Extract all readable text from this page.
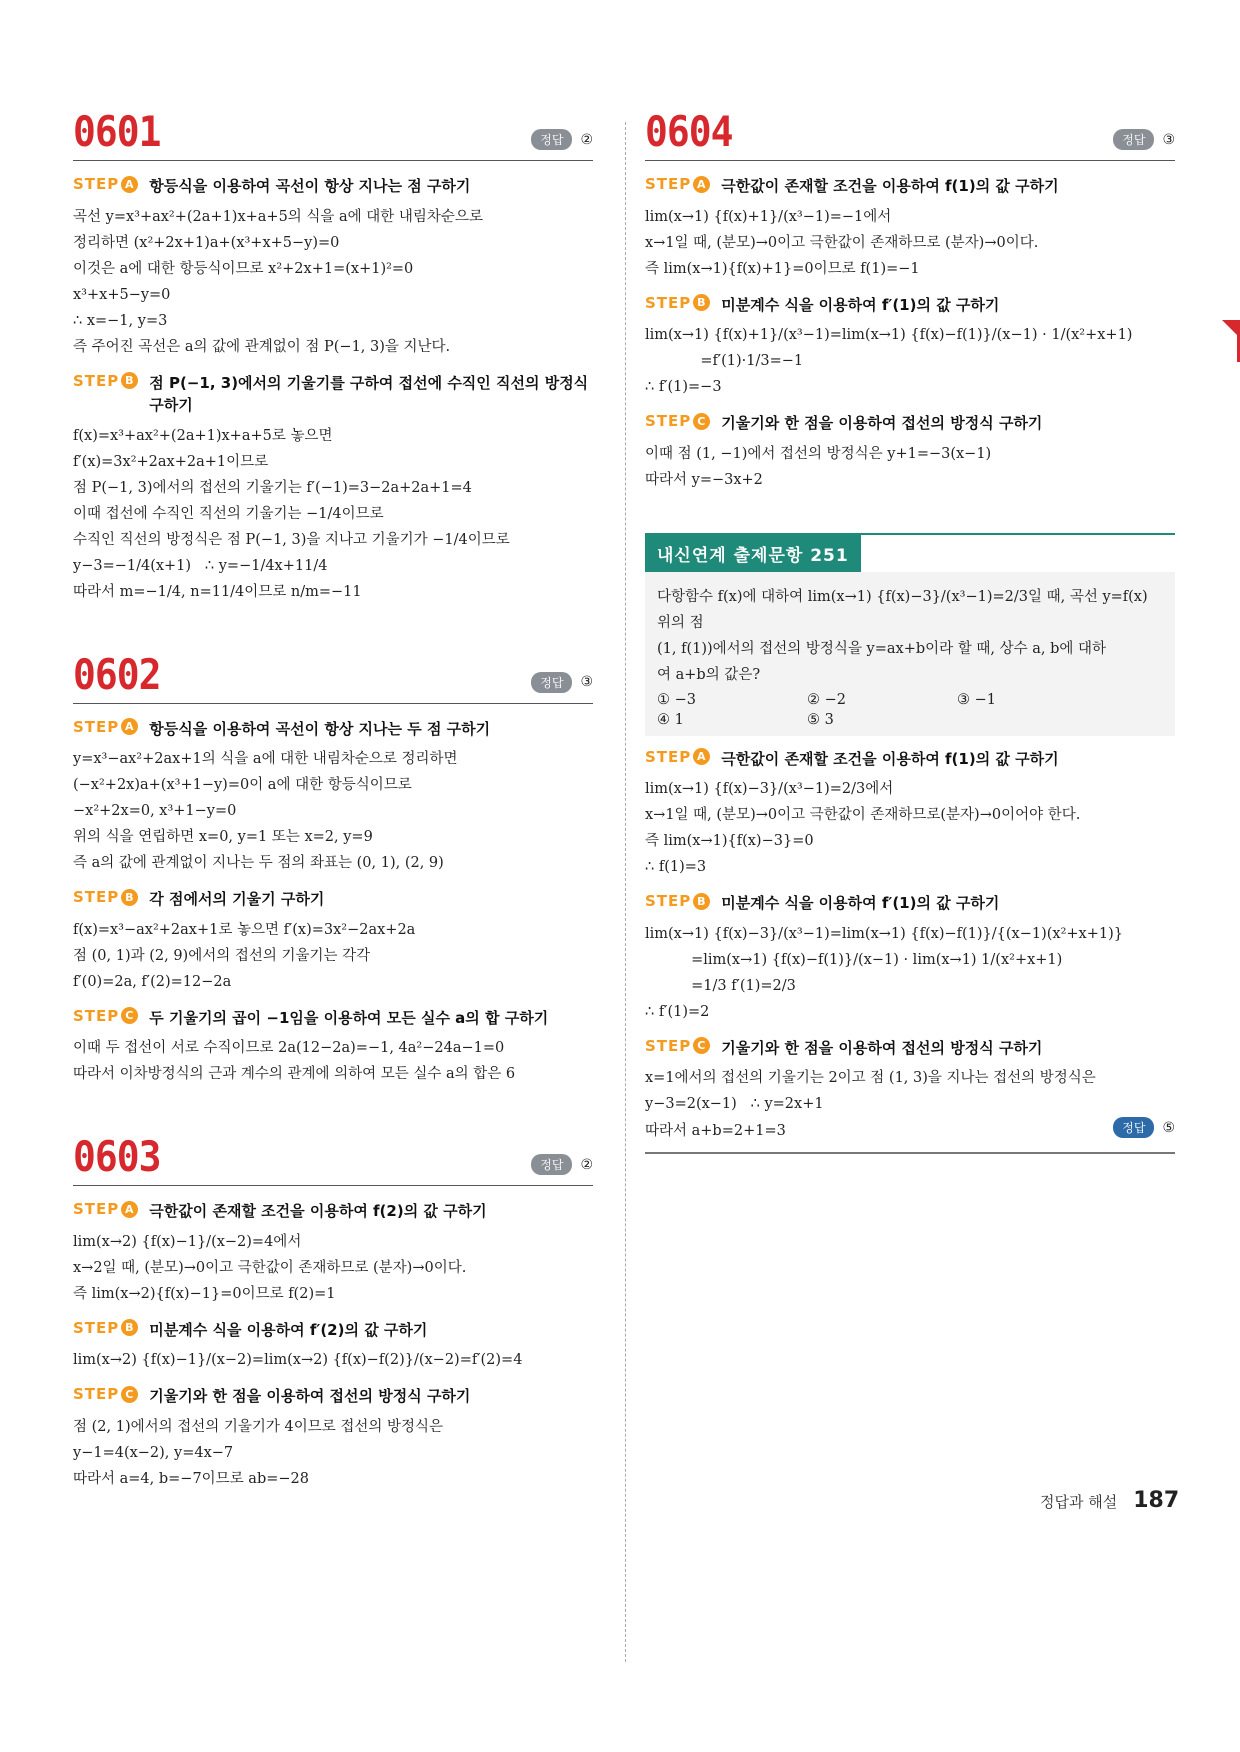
0601	정답	②
STEP A 항등식을 이용하여 곡선이 항상 지나는 점 구하기
곡선 y=x³+ax²+(2a+1)x+a+5의 식을 a에 대한 내림차순으로
정리하면 (x²+2x+1)a+(x³+x+5−y)=0
이것은 a에 대한 항등식이므로 x²+2x+1=(x+1)²=0
x³+x+5−y=0
∴ x=−1, y=3
즉 주어진 곡선은 a의 값에 관계없이 점 P(−1, 3)을 지난다.
STEP B 점 P(−1, 3)에서의 기울기를 구하여 접선에 수직인 직선의 방정식 구하기
f(x)=x³+ax²+(2a+1)x+a+5로 놓으면
f′(x)=3x²+2ax+2a+1이므로
점 P(−1, 3)에서의 접선의 기울기는 f′(−1)=3−2a+2a+1=4
이때 접선에 수직인 직선의 기울기는 −1/4이므로
수직인 직선의 방정식은 점 P(−1, 3)을 지나고 기울기가 −1/4이므로
y−3=−1/4(x+1)   ∴ y=−1/4x+11/4
따라서 m=−1/4, n=11/4이므로 n/m=−11
0602	정답	③
STEP A 항등식을 이용하여 곡선이 항상 지나는 두 점 구하기
y=x³−ax²+2ax+1의 식을 a에 대한 내림차순으로 정리하면
(−x²+2x)a+(x³+1−y)=0이 a에 대한 항등식이므로
−x²+2x=0, x³+1−y=0
위의 식을 연립하면 x=0, y=1 또는 x=2, y=9
즉 a의 값에 관계없이 지나는 두 점의 좌표는 (0, 1), (2, 9)
STEP B 각 점에서의 기울기 구하기
f(x)=x³−ax²+2ax+1로 놓으면 f′(x)=3x²−2ax+2a
점 (0, 1)과 (2, 9)에서의 접선의 기울기는 각각
f′(0)=2a, f′(2)=12−2a
STEP C 두 기울기의 곱이 −1임을 이용하여 모든 실수 a의 합 구하기
이때 두 접선이 서로 수직이므로 2a(12−2a)=−1, 4a²−24a−1=0
따라서 이차방정식의 근과 계수의 관계에 의하여 모든 실수 a의 합은 6
0603	정답	②
STEP A 극한값이 존재할 조건을 이용하여 f(2)의 값 구하기
lim(x→2) {f(x)−1}/(x−2)=4에서
x→2일 때, (분모)→0이고 극한값이 존재하므로 (분자)→0이다.
즉 lim(x→2){f(x)−1}=0이므로 f(2)=1
STEP B 미분계수 식을 이용하여 f′(2)의 값 구하기
lim(x→2) {f(x)−1}/(x−2)=lim(x→2) {f(x)−f(2)}/(x−2)=f′(2)=4
STEP C 기울기와 한 점을 이용하여 접선의 방정식 구하기
점 (2, 1)에서의 접선의 기울기가 4이므로 접선의 방정식은
y−1=4(x−2), y=4x−7
따라서 a=4, b=−7이므로 ab=−28
0604	정답	③
STEP A 극한값이 존재할 조건을 이용하여 f(1)의 값 구하기
lim(x→1) {f(x)+1}/(x³−1)=−1에서
x→1일 때, (분모)→0이고 극한값이 존재하므로 (분자)→0이다.
즉 lim(x→1){f(x)+1}=0이므로 f(1)=−1
STEP B 미분계수 식을 이용하여 f′(1)의 값 구하기
lim(x→1) {f(x)+1}/(x³−1)=lim(x→1) {f(x)−f(1)}/(x−1) · 1/(x²+x+1)
=f′(1)·1/3=−1
∴ f′(1)=−3
STEP C 기울기와 한 점을 이용하여 접선의 방정식 구하기
이때 점 (1, −1)에서 접선의 방정식은 y+1=−3(x−1)
따라서 y=−3x+2
내신연계 출제문항 251
다항함수 f(x)에 대하여 lim(x→1) {f(x)−3}/(x³−1)=2/3일 때, 곡선 y=f(x) 위의 점
(1, f(1))에서의 접선의 방정식을 y=ax+b이라 할 때, 상수 a, b에 대하
여 a+b의 값은?
① −3	② −2	③ −1
④ 1	⑤ 3
STEP A 극한값이 존재할 조건을 이용하여 f(1)의 값 구하기
lim(x→1) {f(x)−3}/(x³−1)=2/3에서
x→1일 때, (분모)→0이고 극한값이 존재하므로(분자)→0이어야 한다.
즉 lim(x→1){f(x)−3}=0
∴ f(1)=3
STEP B 미분계수 식을 이용하여 f′(1)의 값 구하기
lim(x→1) {f(x)−3}/(x³−1)=lim(x→1) {f(x)−f(1)}/{(x−1)(x²+x+1)}
=lim(x→1) {f(x)−f(1)}/(x−1) · lim(x→1) 1/(x²+x+1)
=1/3 f′(1)=2/3
∴ f′(1)=2
STEP C 기울기와 한 점을 이용하여 접선의 방정식 구하기
x=1에서의 접선의 기울기는 2이고 점 (1, 3)을 지나는 접선의 방정식은
y−3=2(x−1)   ∴ y=2x+1
따라서 a+b=2+1=3	정답	⑤
정답과 해설 187
